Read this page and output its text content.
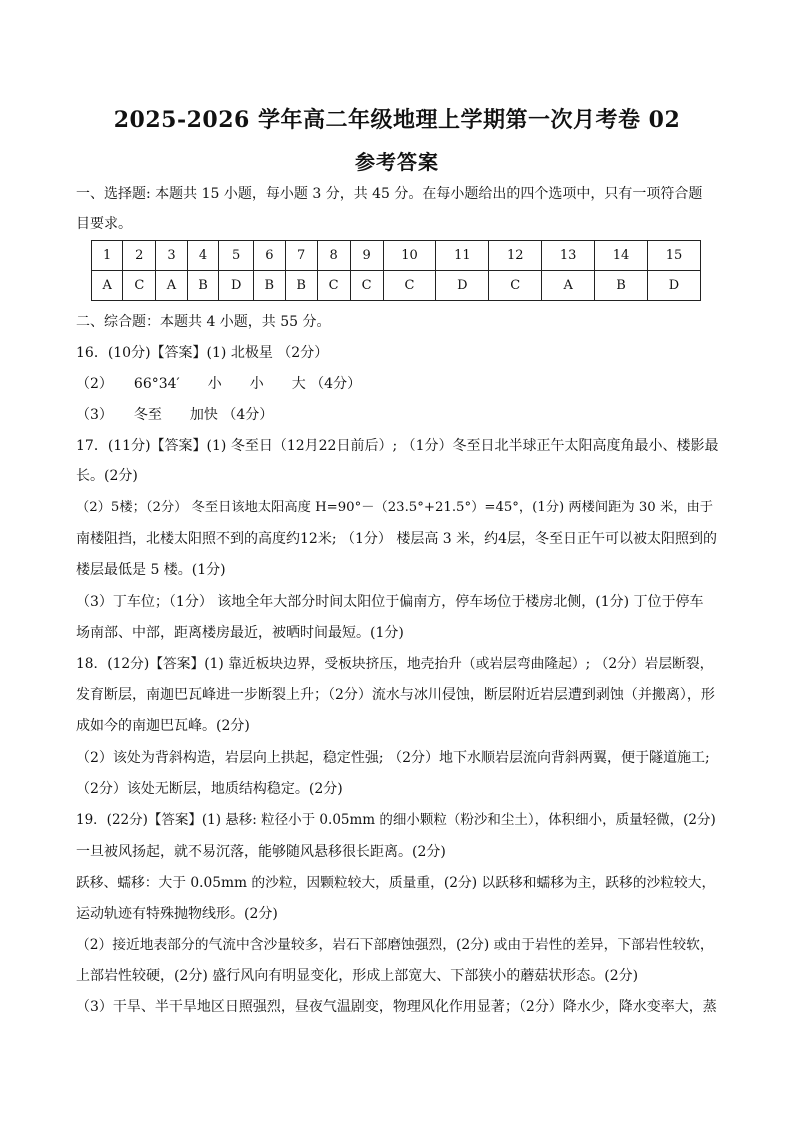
2025-2026 学年高二年级地理上学期第一次月考卷 02
参考答案
一、选择题: 本题共 15 小题，每小题 3 分，共 45 分。在每小题给出的四个选项中，只有一项符合题
目要求。
1	2	3	4	5	6	7	8	9	10	11	12	13	14	15
A	C	A	B	D	B	B	C	C	C	D	C	A	B	D
二、综合题：本题共 4 小题，共 55 分。
16．(10分)【答案】(1) 北极星 （2分）
（2）　　66°34′　　小　　小　　大 （4分）
（3）　　冬至　　加快 （4分）
17．(11分)【答案】(1) 冬至日（12月22日前后）; （1分）冬至日北半球正午太阳高度角最小、楼影最
长。(2分)
（2）5楼；（2分） 冬至日该地太阳高度 H=90°－（23.5°+21.5°）=45°，(1分) 两楼间距为 30 米，由于
南楼阻挡，北楼太阳照不到的高度约12米; （1分） 楼层高 3 米，约4层，冬至日正午可以被太阳照到的
楼层最低是 5 楼。(1分)
（3）丁车位；（1分） 该地全年大部分时间太阳位于偏南方，停车场位于楼房北侧，(1分) 丁位于停车
场南部、中部，距离楼房最近，被晒时间最短。(1分)
18．(12分)【答案】(1) 靠近板块边界，受板块挤压，地壳抬升（或岩层弯曲隆起）; （2分）岩层断裂，
发育断层，南迦巴瓦峰进一步断裂上升；（2分）流水与冰川侵蚀，断层附近岩层遭到剥蚀（并搬离），形
成如今的南迦巴瓦峰。(2分)
（2）该处为背斜构造，岩层向上拱起，稳定性强; （2分）地下水顺岩层流向背斜两翼，便于隧道施工;
（2分）该处无断层，地质结构稳定。(2分)
19．(22分)【答案】(1) 悬移: 粒径小于 0.05mm 的细小颗粒（粉沙和尘土），体积细小，质量轻微，(2分)
一旦被风扬起，就不易沉落，能够随风悬移很长距离。(2分)
跃移、蠕移：大于 0.05mm 的沙粒，因颗粒较大，质量重，(2分) 以跃移和蠕移为主，跃移的沙粒较大，
运动轨迹有特殊抛物线形。(2分)
（2）接近地表部分的气流中含沙量较多，岩石下部磨蚀强烈，(2分) 或由于岩性的差异，下部岩性较软，
上部岩性较硬，(2分) 盛行风向有明显变化，形成上部宽大、下部狭小的蘑菇状形态。(2分)
（3）干旱、半干旱地区日照强烈，昼夜气温剧变，物理风化作用显著；（2分）降水少，降水变率大，蒸
